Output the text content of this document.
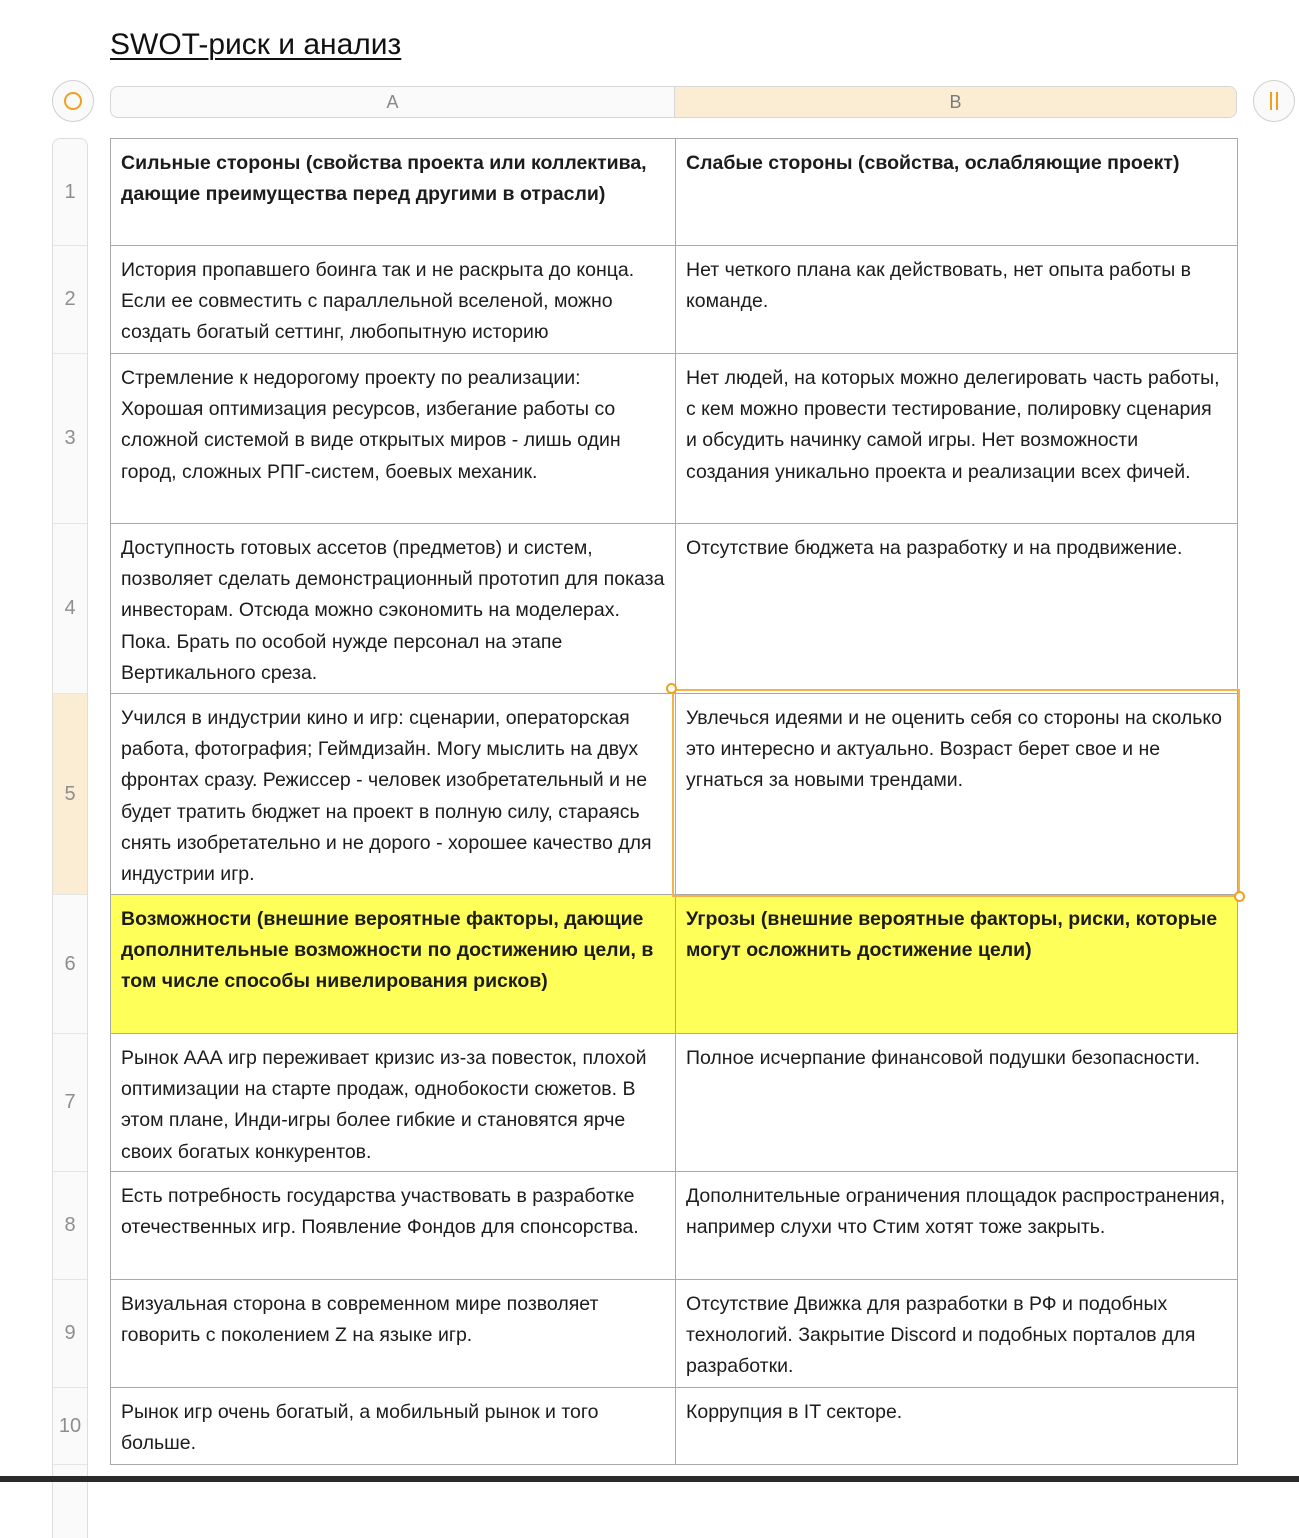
SWOT-риск и анализ
A	B
1
2
3
4
5
6
7
8
9
10
Сильные стороны (свойства проекта или коллектива, дающие преимущества перед другими в отрасли)	Слабые стороны (свойства, ослабляющие проект)
История пропавшего боинга так и не раскрыта до конца. Если ее совместить с параллельной вселеной, можно создать богатый сеттинг, любопытную историю	Нет четкого плана как действовать, нет опыта работы в команде.
Стремление к недорогому проекту по реализации: Хорошая оптимизация ресурсов, избегание работы со сложной системой в виде открытых миров - лишь один город, сложных РПГ-систем, боевых механик.	Нет людей, на которых можно делегировать часть работы, с кем можно провести тестирование, полировку сценария и обсудить начинку самой игры. Нет возможности создания уникально проекта и реализации всех фичей.
Доступность готовых ассетов (предметов) и систем, позволяет сделать демонстрационный прототип для показа инвесторам. Отсюда можно сэкономить на моделерах. Пока. Брать по особой нужде персонал на этапе Вертикального среза.	Отсутствие бюджета на разработку и на продвижение.
Учился в индустрии кино и игр: сценарии, операторская работа, фотография; Геймдизайн. Могу мыслить на двух фронтах сразу. Режиссер - человек изобретательный и не будет тратить бюджет на проект в полную силу, стараясь снять изобретательно и не дорого - хорошее качество для индустрии игр.	Увлечься идеями и не оценить себя со стороны на сколько это интересно и актуально. Возраст берет свое и не угнаться за новыми трендами.
Возможности (внешние вероятные факторы, дающие дополнительные возможности по достижению цели, в том числе способы нивелирования рисков)	Угрозы (внешние вероятные факторы, риски, которые могут осложнить достижение цели)
Рынок ААА игр переживает кризис из-за повесток, плохой оптимизации на старте продаж, однобокости сюжетов. В этом плане, Инди-игры более гибкие и становятся ярче своих богатых конкурентов.	Полное исчерпание финансовой подушки безопасности.
Есть потребность государства участвовать в разработке отечественных игр. Появление Фондов для спонсорства.	Дополнительные ограничения площадок распространения, например слухи что Стим хотят тоже закрыть.
Визуальная сторона в современном мире позволяет говорить с поколением Z на языке игр.	Отсутствие Движка для разработки в РФ и подобных технологий. Закрытие Discord и подобных порталов для разработки.
Рынок игр очень богатый, а мобильный рынок и того больше.	Коррупция в IT секторе.
